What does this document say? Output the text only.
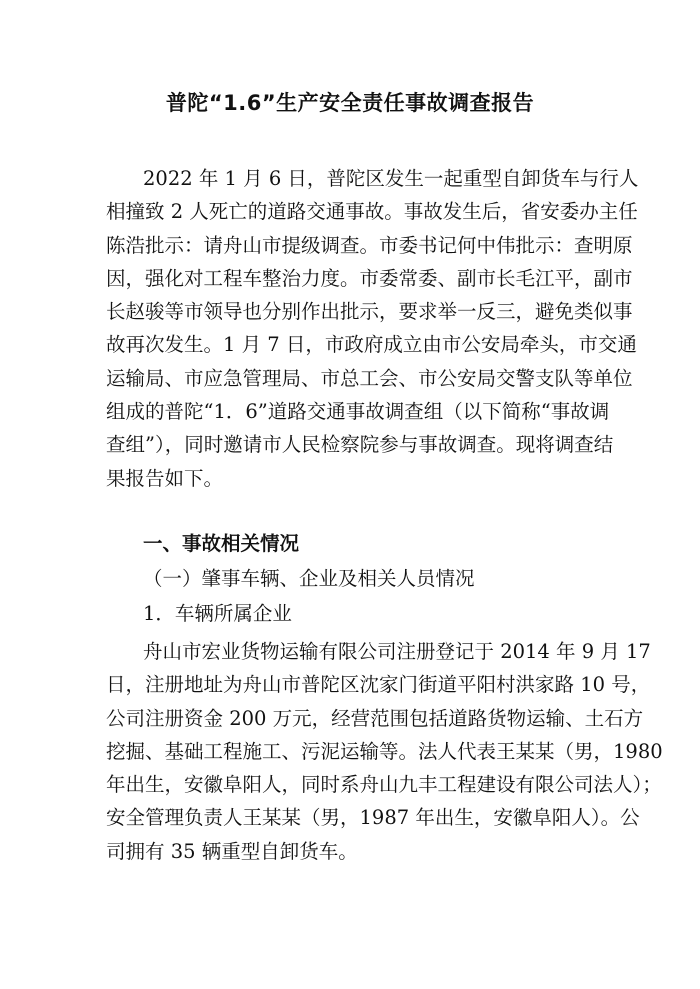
普陀“1.6”生产安全责任事故调查报告
2022 年 1 月 6 日，普陀区发生一起重型自卸货车与行人
相撞致 2 人死亡的道路交通事故。事故发生后，省安委办主任
陈浩批示：请舟山市提级调查。市委书记何中伟批示：查明原
因，强化对工程车整治力度。市委常委、副市长毛江平，副市
长赵骏等市领导也分别作出批示，要求举一反三，避免类似事
故再次发生。1 月 7 日，市政府成立由市公安局牵头，市交通
运输局、市应急管理局、市总工会、市公安局交警支队等单位
组成的普陀“1．6”道路交通事故调查组（以下简称“事故调
查组”），同时邀请市人民检察院参与事故调查。现将调查结
果报告如下。
一、事故相关情况
（一）肇事车辆、企业及相关人员情况
1．车辆所属企业
舟山市宏业货物运输有限公司注册登记于 2014 年 9 月 17
日，注册地址为舟山市普陀区沈家门街道平阳村洪家路 10 号，
公司注册资金 200 万元，经营范围包括道路货物运输、土石方
挖掘、基础工程施工、污泥运输等。法人代表王某某（男，1980
年出生，安徽阜阳人，同时系舟山九丰工程建设有限公司法人）；
安全管理负责人王某某（男，1987 年出生，安徽阜阳人）。公
司拥有 35 辆重型自卸货车。
